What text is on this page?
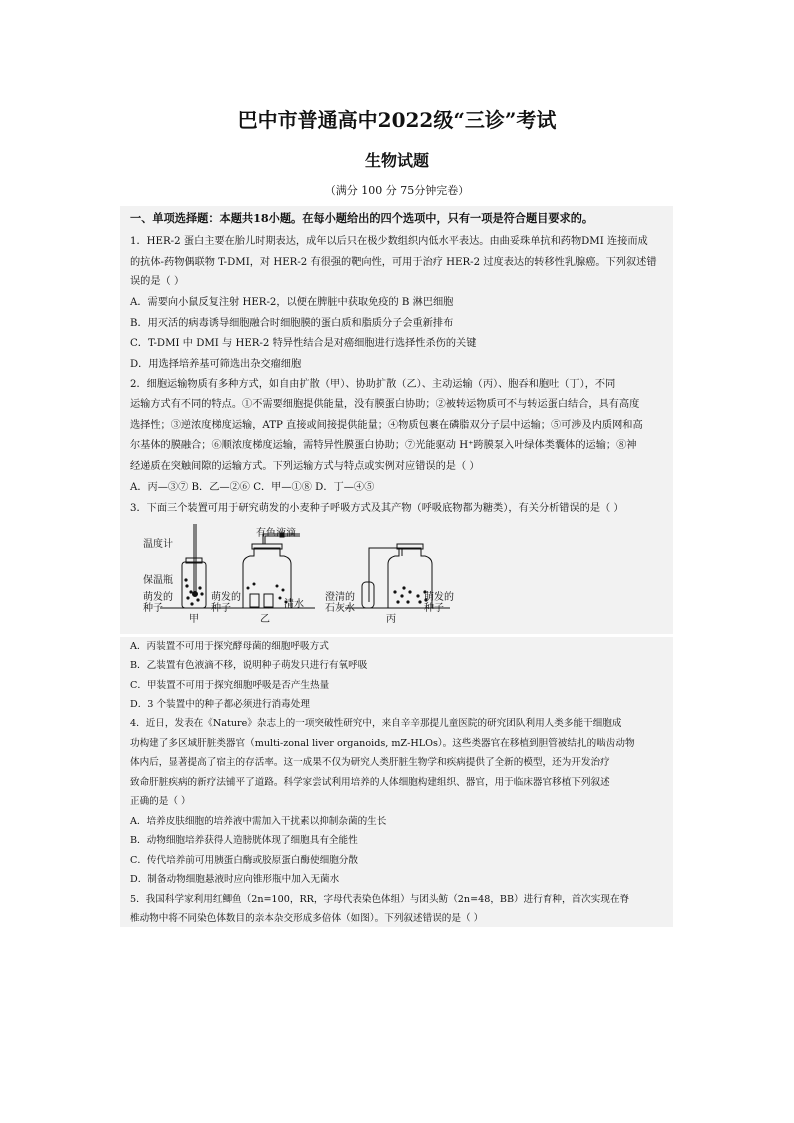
巴中市普通高中2022级“三诊”考试
生物试题
（满分 100 分 75分钟完卷）
一、单项选择题：本题共18小题。在每小题给出的四个选项中，只有一项是符合题目要求的。
1．HER-2 蛋白主要在胎儿时期表达，成年以后只在极少数组织内低水平表达。由曲妥珠单抗和药物DMI 连接而成
的抗体-药物偶联物 T-DMI，对 HER-2 有很强的靶向性，可用于治疗 HER-2 过度表达的转移性乳腺癌。下列叙述错
误的是（ ）
A．需要向小鼠反复注射 HER-2，以便在脾脏中获取免疫的 B 淋巴细胞
B．用灭活的病毒诱导细胞融合时细胞膜的蛋白质和脂质分子会重新排布
C．T-DMI 中 DMI 与 HER-2 特异性结合是对癌细胞进行选择性杀伤的关键
D．用选择培养基可筛选出杂交瘤细胞
2．细胞运输物质有多种方式，如自由扩散（甲）、协助扩散（乙）、主动运输（丙）、胞吞和胞吐（丁），不同
运输方式有不同的特点。①不需要细胞提供能量，没有膜蛋白协助；②被转运物质可不与转运蛋白结合，具有高度
选择性；③逆浓度梯度运输，ATP 直接或间接提供能量；④物质包裹在磷脂双分子层中运输；⑤可涉及内质网和高
尔基体的膜融合；⑥顺浓度梯度运输，需特异性膜蛋白协助；⑦光能驱动 H⁺跨膜泵入叶绿体类囊体的运输；⑧神
经递质在突触间隙的运输方式。下列运输方式与特点或实例对应错误的是（ ）
A．丙—③⑦ B．乙—②⑥ C．甲—①⑧ D．丁—④⑤
3．下面三个装置可用于研究萌发的小麦种子呼吸方式及其产物（呼吸底物都为糖类），有关分析错误的是（ ）
温度计
保温瓶
萌发的
种子
萌发的
种子
有色液滴
清水
澄清的
石灰水
萌发的
种子
甲	乙	丙
A．丙装置不可用于探究酵母菌的细胞呼吸方式
B．乙装置有色液滴不移，说明种子萌发只进行有氧呼吸
C．甲装置不可用于探究细胞呼吸是否产生热量
D．3 个装置中的种子都必须进行消毒处理
4．近日，发表在《Nature》杂志上的一项突破性研究中，来自辛辛那提儿童医院的研究团队利用人类多能干细胞成
功构建了多区域肝脏类器官（multi-zonal liver organoids, mZ-HLOs）。这些类器官在移植到胆管被结扎的啮齿动物
体内后，显著提高了宿主的存活率。这一成果不仅为研究人类肝脏生物学和疾病提供了全新的模型，还为开发治疗
致命肝脏疾病的新疗法铺平了道路。科学家尝试利用培养的人体细胞构建组织、器官，用于临床器官移植下列叙述
正确的是（ ）
A．培养皮肤细胞的培养液中需加入干扰素以抑制杂菌的生长
B．动物细胞培养获得人造膀胱体现了细胞具有全能性
C．传代培养前可用胰蛋白酶或胶原蛋白酶使细胞分散
D．制备动物细胞悬液时应向锥形瓶中加入无菌水
5．我国科学家利用红鲫鱼（2n=100，RR，字母代表染色体组）与团头鲂（2n=48，BB）进行育种，首次实现在脊
椎动物中将不同染色体数目的亲本杂交形成多倍体（如图）。下列叙述错误的是（ ）
